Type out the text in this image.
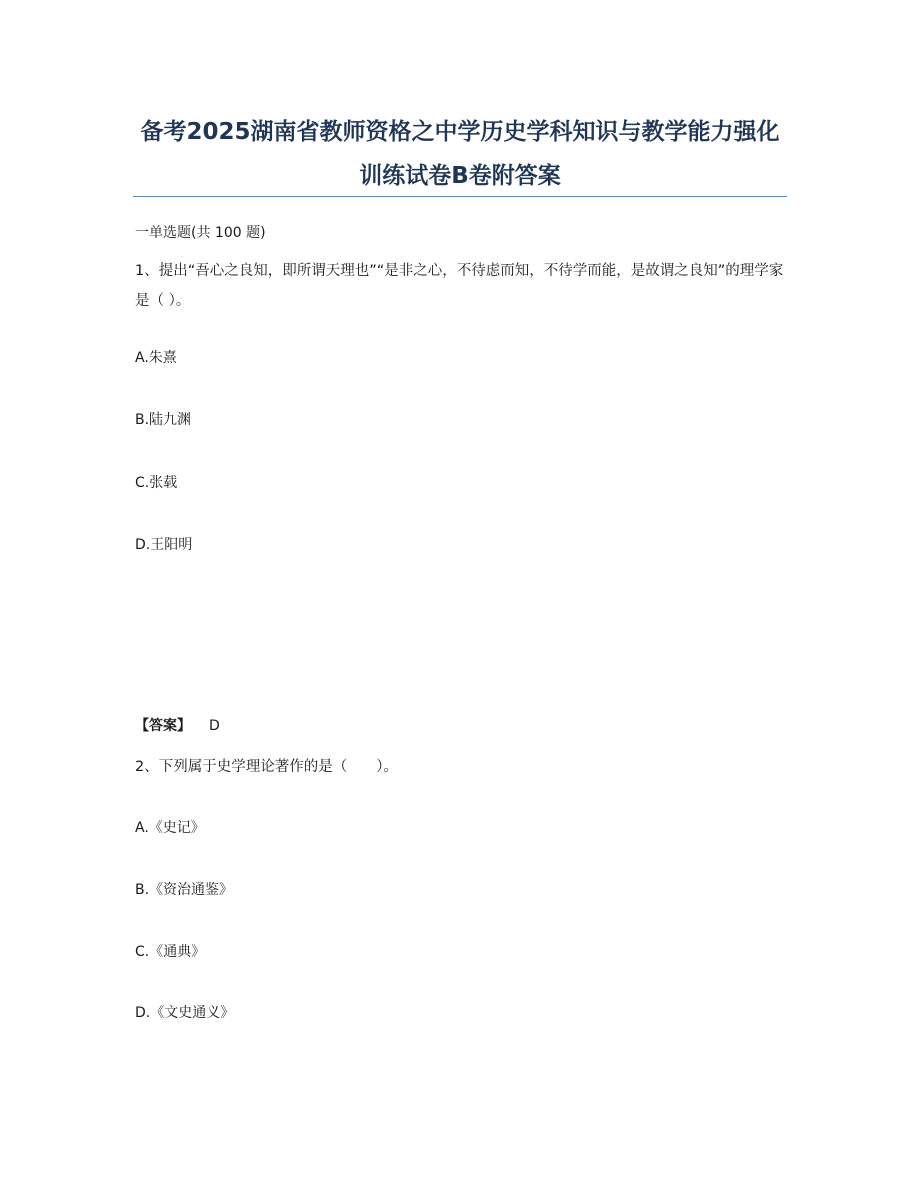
备考2025湖南省教师资格之中学历史学科知识与教学能力强化训练试卷B卷附答案

一单选题(共 100 题)

1、提出“吾心之良知，即所谓天理也”“是非之心，不待虑而知，不待学而能，是故谓之良知”的理学家是（ ）。

A.朱熹

B.陆九渊

C.张载

D.王阳明

【答案】 D

2、下列属于史学理论著作的是（　　）。

A.《史记》

B.《资治通鉴》

C.《通典》

D.《文史通义》
